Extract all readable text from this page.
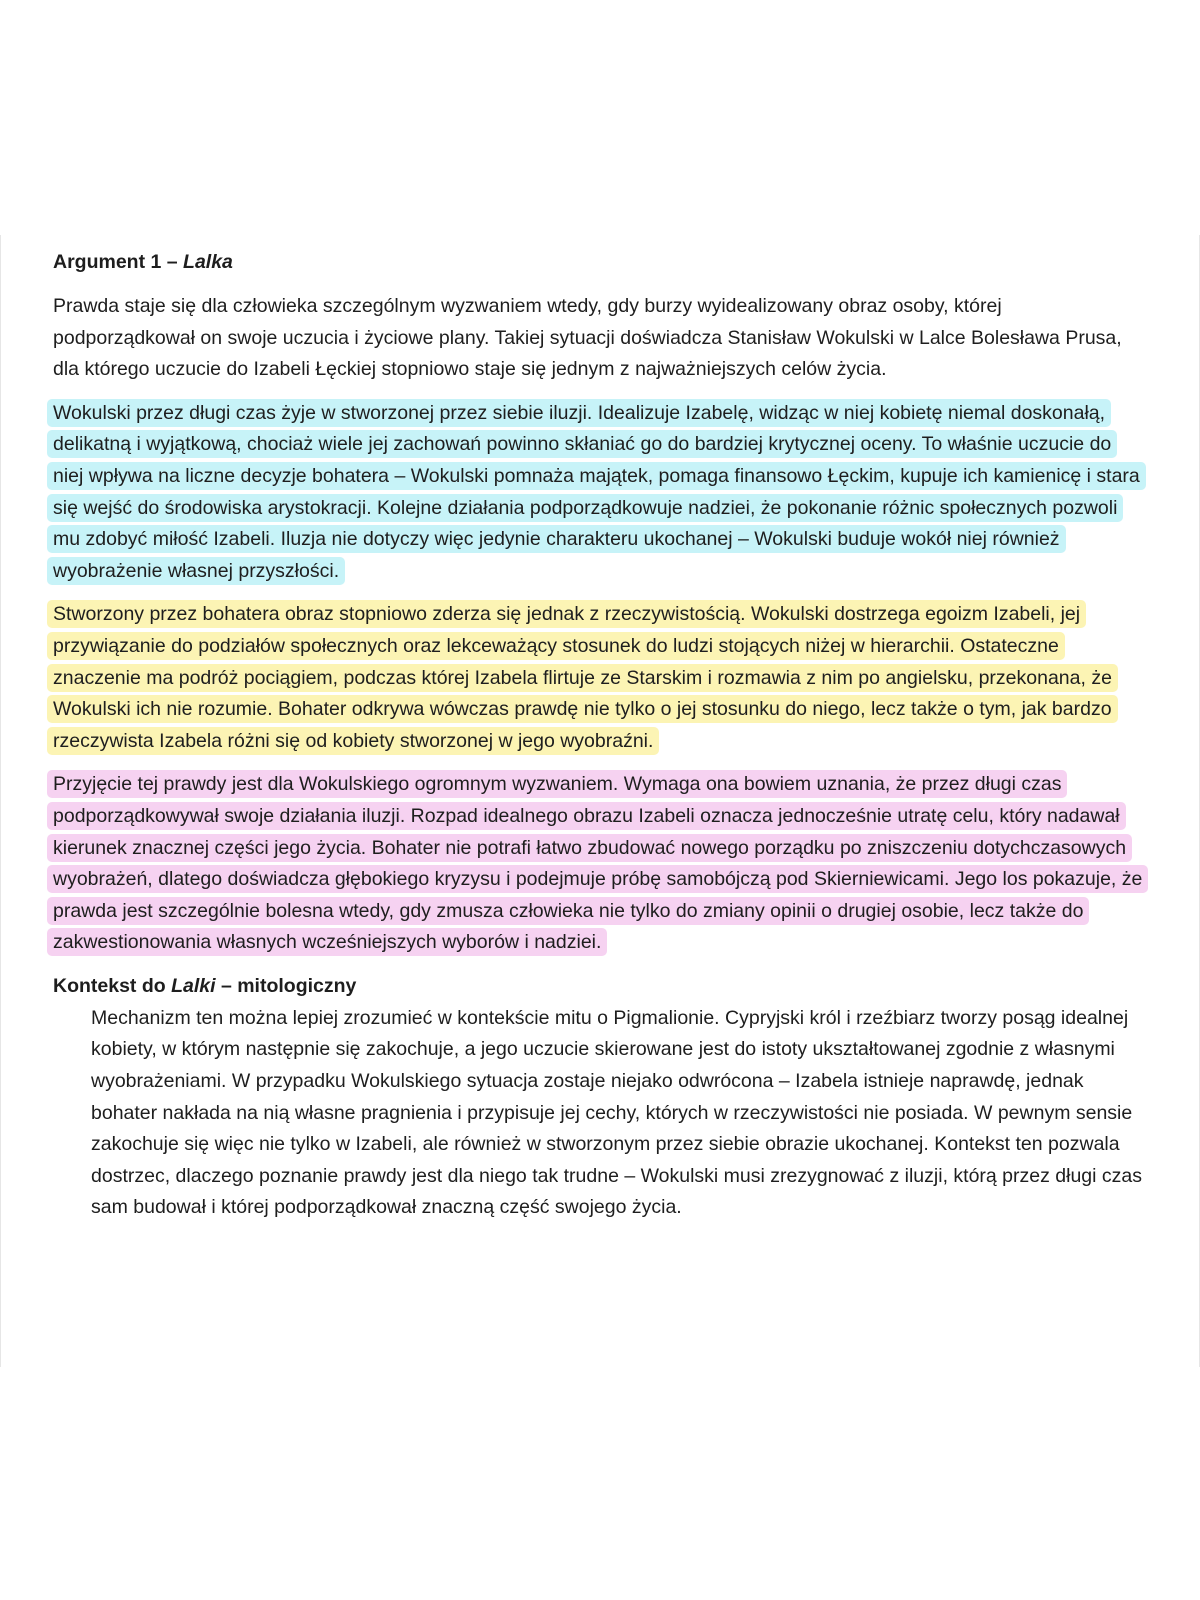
Argument 1 – Lalka

Prawda staje się dla człowieka szczególnym wyzwaniem wtedy, gdy burzy wyidealizowany obraz osoby, której podporządkował on swoje uczucia i życiowe plany. Takiej sytuacji doświadcza Stanisław Wokulski w Lalce Bolesława Prusa, dla którego uczucie do Izabeli Łęckiej stopniowo staje się jednym z najważniejszych celów życia.

Wokulski przez długi czas żyje w stworzonej przez siebie iluzji. Idealizuje Izabelę, widząc w niej kobietę niemal doskonałą, delikatną i wyjątkową, chociaż wiele jej zachowań powinno skłaniać go do bardziej krytycznej oceny. To właśnie uczucie do niej wpływa na liczne decyzje bohatera – Wokulski pomnaża majątek, pomaga finansowo Łęckim, kupuje ich kamienicę i stara się wejść do środowiska arystokracji. Kolejne działania podporządkowuje nadziei, że pokonanie różnic społecznych pozwoli mu zdobyć miłość Izabeli. Iluzja nie dotyczy więc jedynie charakteru ukochanej – Wokulski buduje wokół niej również wyobrażenie własnej przyszłości.

Stworzony przez bohatera obraz stopniowo zderza się jednak z rzeczywistością. Wokulski dostrzega egoizm Izabeli, jej przywiązanie do podziałów społecznych oraz lekceważący stosunek do ludzi stojących niżej w hierarchii. Ostateczne znaczenie ma podróż pociągiem, podczas której Izabela flirtuje ze Starskim i rozmawia z nim po angielsku, przekonana, że Wokulski ich nie rozumie. Bohater odkrywa wówczas prawdę nie tylko o jej stosunku do niego, lecz także o tym, jak bardzo rzeczywista Izabela różni się od kobiety stworzonej w jego wyobraźni.

Przyjęcie tej prawdy jest dla Wokulskiego ogromnym wyzwaniem. Wymaga ona bowiem uznania, że przez długi czas podporządkowywał swoje działania iluzji. Rozpad idealnego obrazu Izabeli oznacza jednocześnie utratę celu, który nadawał kierunek znacznej części jego życia. Bohater nie potrafi łatwo zbudować nowego porządku po zniszczeniu dotychczasowych wyobrażeń, dlatego doświadcza głębokiego kryzysu i podejmuje próbę samobójczą pod Skierniewicami. Jego los pokazuje, że prawda jest szczególnie bolesna wtedy, gdy zmusza człowieka nie tylko do zmiany opinii o drugiej osobie, lecz także do zakwestionowania własnych wcześniejszych wyborów i nadziei.

Kontekst do Lalki – mitologiczny

Mechanizm ten można lepiej zrozumieć w kontekście mitu o Pigmalionie. Cypryjski król i rzeźbiarz tworzy posąg idealnej kobiety, w którym następnie się zakochuje, a jego uczucie skierowane jest do istoty ukształtowanej zgodnie z własnymi wyobrażeniami. W przypadku Wokulskiego sytuacja zostaje niejako odwrócona – Izabela istnieje naprawdę, jednak bohater nakłada na nią własne pragnienia i przypisuje jej cechy, których w rzeczywistości nie posiada. W pewnym sensie zakochuje się więc nie tylko w Izabeli, ale również w stworzonym przez siebie obrazie ukochanej. Kontekst ten pozwala dostrzec, dlaczego poznanie prawdy jest dla niego tak trudne – Wokulski musi zrezygnować z iluzji, którą przez długi czas sam budował i której podporządkował znaczną część swojego życia.
